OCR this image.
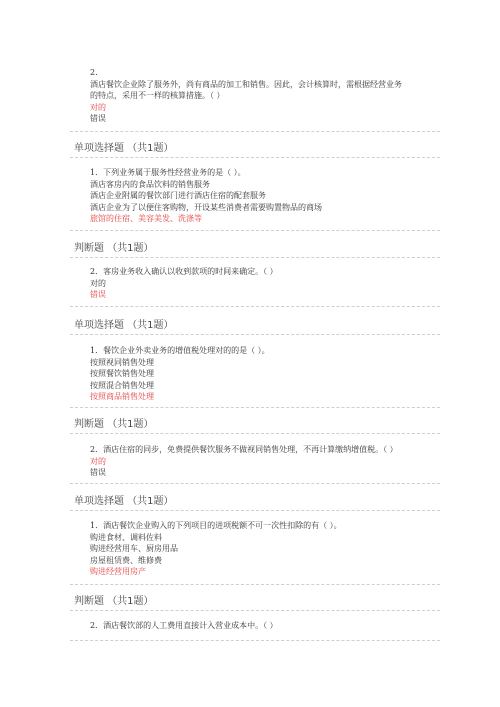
2.
酒店餐饮企业除了服务外，尚有商品的加工和销售。因此，会计核算时，需根据经营业务
的特点，采用不一样的核算措施。（ ）
对的
错误
单项选择题 （共1题）
1．下列业务属于服务性经营业务的是（ ）。
酒店客房内的食品饮料的销售服务
酒店企业附属的餐饮部门进行酒店住宿的配套服务
酒店企业为了以便住客购物，开设某些消费者需要购置物品的商场
旅馆的住宿、美容美发、洗涤等
判断题 （共1题）
2．客房业务收入确认以收到款项的时间来确定。（ ）
对的
错误
单项选择题 （共1题）
1．餐饮企业外卖业务的增值税处理对的的是（ ）。
按照视同销售处理
按照餐饮销售处理
按照混合销售处理
按照商品销售处理
判断题 （共1题）
2．酒店住宿的同步，免费提供餐饮服务不做视同销售处理，不再计算缴纳增值税。（ ）
对的
错误
单项选择题 （共1题）
1．酒店餐饮企业购入的下列项目的进项税额不可一次性扣除的有（ ）。
购进食材、调料佐料
购进经营用车、厨房用品
房屋租赁费、维修费
购进经营用房产
判断题 （共1题）
2．酒店餐饮部的人工费用直接计入营业成本中。（ ）
